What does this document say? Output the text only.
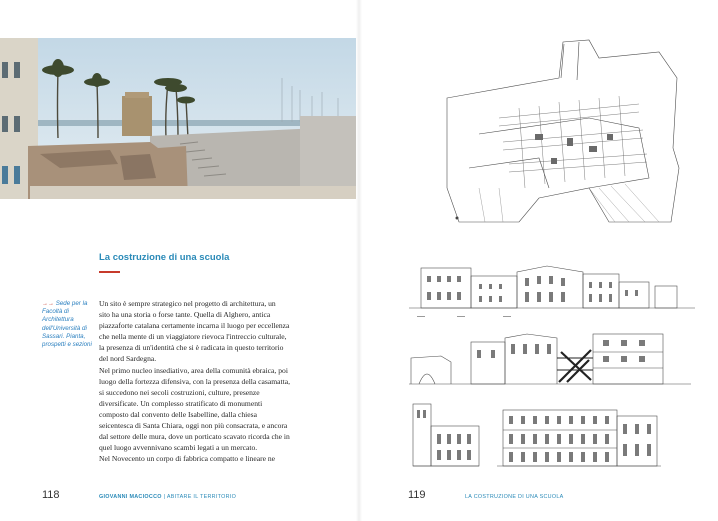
La costruzione di una scuola
→→ Sede per la Facoltà di Architettura dell'Università di Sassari. Pianta, prospetti e sezioni
Un sito è sempre strategico nel progetto di architettura, un
sito ha una storia o forse tante. Quella di Alghero, antica
piazzaforte catalana certamente incarna il luogo per eccellenza
che nella mente di un viaggiatore rievoca l'intreccio culturale,
la presenza di un'identità che si è radicata in questo territorio
del nord Sardegna.
Nel primo nucleo insediativo, area della comunità ebraica, poi
luogo della fortezza difensiva, con la presenza della casamatta,
si succedono nei secoli costruzioni, culture, presenze
diversificate. Un complesso stratificato di monumenti
composto dal convento delle Isabelline, dalla chiesa
seicentesca di Santa Chiara, oggi non più consacrata, e ancora
dal settore delle mura, dove un porticato scavato ricorda che in
quel luogo avvennivano scambi legati a un mercato.
Nel Novecento un corpo di fabbrica compatto e lineare ne
118	GIOVANNI MACIOCCO | ABITARE IL TERRITORIO	119	LA COSTRUZIONE DI UNA SCUOLA
